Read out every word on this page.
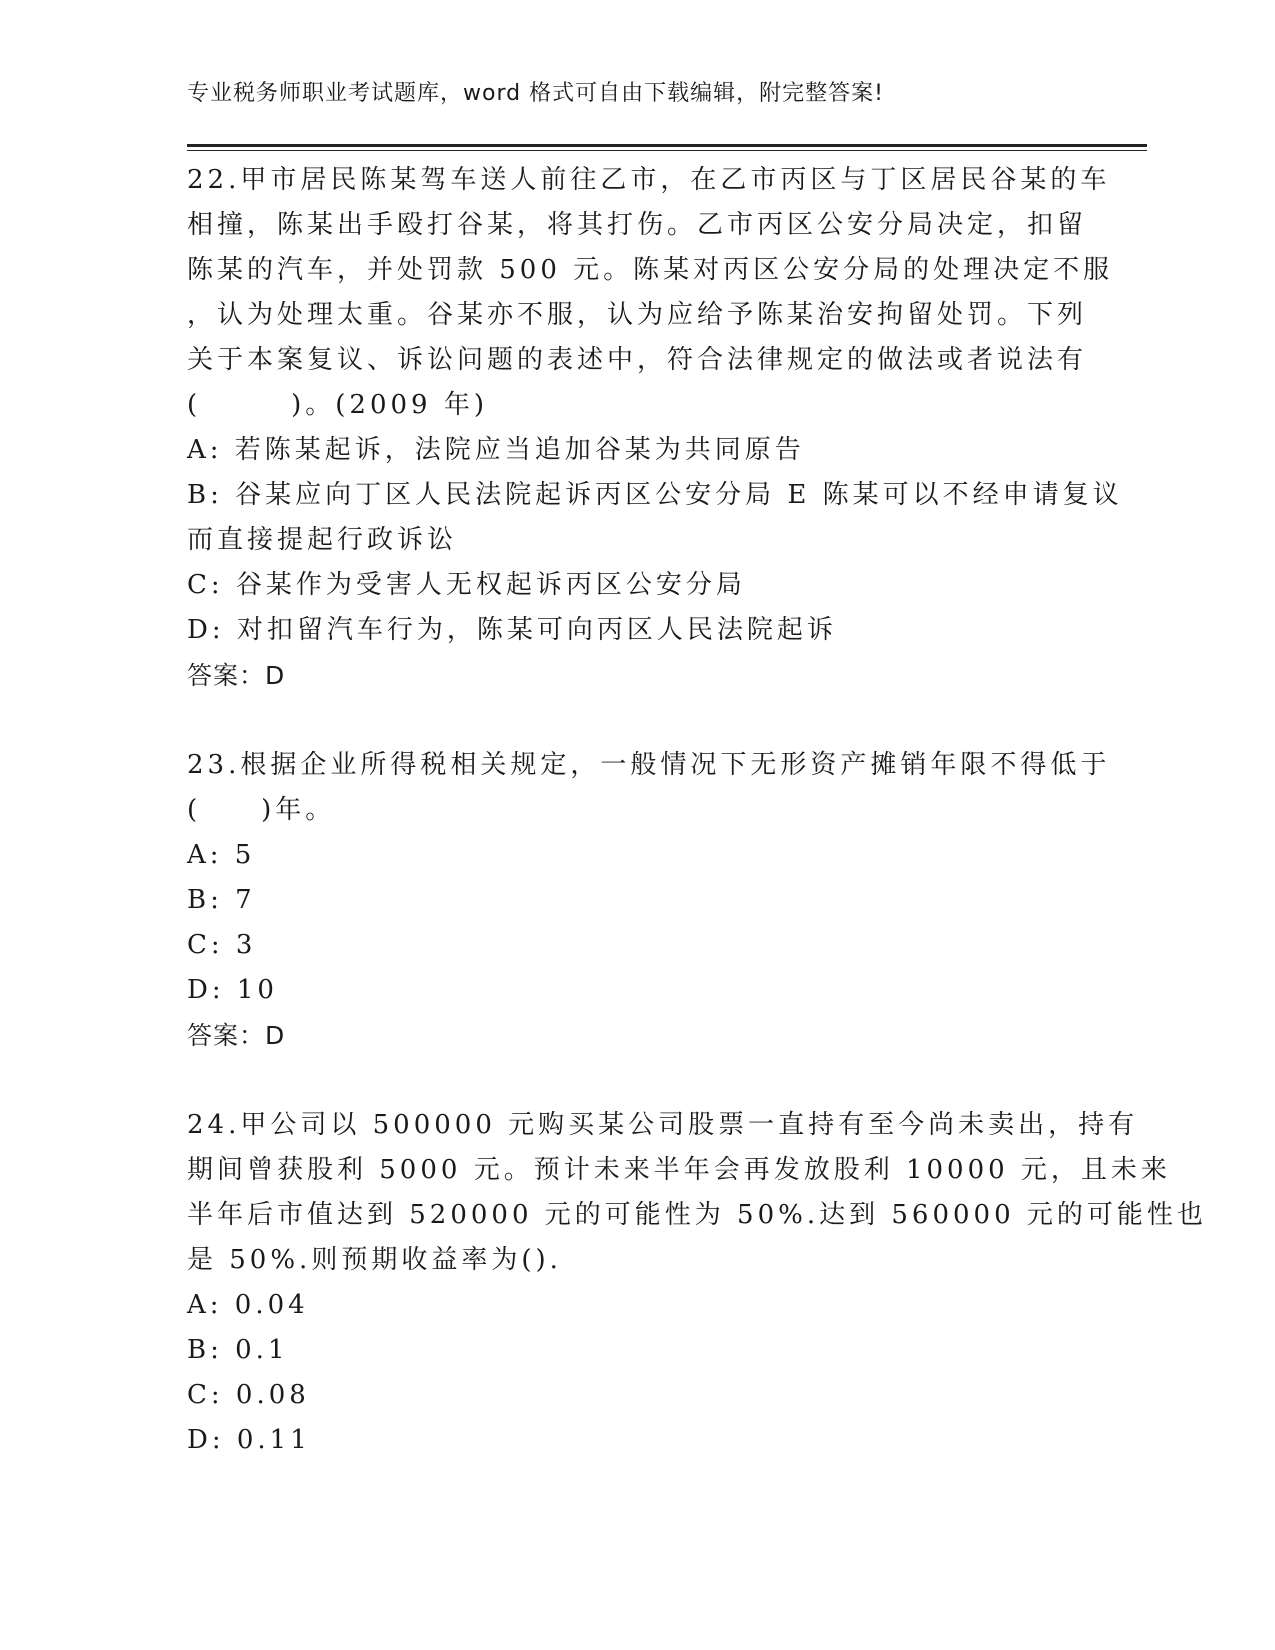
专业税务师职业考试题库，word 格式可自由下载编辑，附完整答案!
22.甲市居民陈某驾车送人前往乙市，在乙市丙区与丁区居民谷某的车
相撞，陈某出手殴打谷某，将其打伤。乙市丙区公安分局决定，扣留
陈某的汽车，并处罚款 500 元。陈某对丙区公安分局的处理决定不服
，认为处理太重。谷某亦不服，认为应给予陈某治安拘留处罚。下列
关于本案复议、诉讼问题的表述中，符合法律规定的做法或者说法有
(　　　)。(2009 年)
A: 若陈某起诉，法院应当追加谷某为共同原告
B: 谷某应向丁区人民法院起诉丙区公安分局 E 陈某可以不经申请复议
而直接提起行政诉讼
C: 谷某作为受害人无权起诉丙区公安分局
D: 对扣留汽车行为，陈某可向丙区人民法院起诉
答案：D
23.根据企业所得税相关规定，一般情况下无形资产摊销年限不得低于
(　　)年。
A: 5
B: 7
C: 3
D: 10
答案：D
24.甲公司以 500000 元购买某公司股票一直持有至今尚未卖出，持有
期间曾获股利 5000 元。预计未来半年会再发放股利 10000 元，且未来
半年后市值达到 520000 元的可能性为 50%.达到 560000 元的可能性也
是 50%.则预期收益率为().
A: 0.04
B: 0.1
C: 0.08
D: 0.11
